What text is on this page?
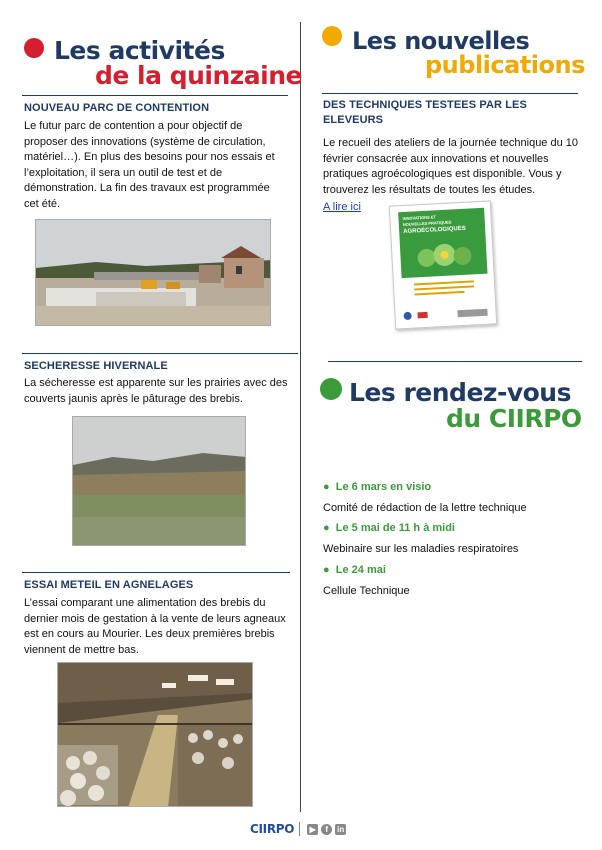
Les activités
de la quinzaine
NOUVEAU PARC DE CONTENTION
Le futur parc de contention a pour objectif de proposer des innovations (système de circulation, matériel…). En plus des besoins pour nos essais et l’exploitation, il sera un outil de test et de démonstration. La fin des travaux est programmée cet été.
SECHERESSE HIVERNALE
La sécheresse est apparente sur les prairies avec des couverts jaunis après le pâturage des brebis.
ESSAI METEIL EN AGNELAGES
L’essai comparant une alimentation des brebis du dernier mois de gestation à la vente de leurs agneaux est en cours au Mourier. Les deux premières brebis viennent de mettre bas.
Les nouvelles
publications
DES TECHNIQUES TESTEES PAR LES ELEVEURS
Le recueil des ateliers de la journée technique du 10 février consacrée aux innovations et nouvelles pratiques agroécologiques est disponible. Vous y trouverez les résultats de toutes les études.
A lire ici
INNOVATIONS ET
NOUVELLES PRATIQUES
AGROÉCOLOGIQUES
Les rendez-vous
du CIIRPO
●  Le 6 mars en visio
Comité de rédaction de la lettre technique
●  Le 5 mai de 11 h à midi
Webinaire sur les maladies respiratoires
●  Le 24 mai
Cellule Technique
CIIRPO	▶	f	in
